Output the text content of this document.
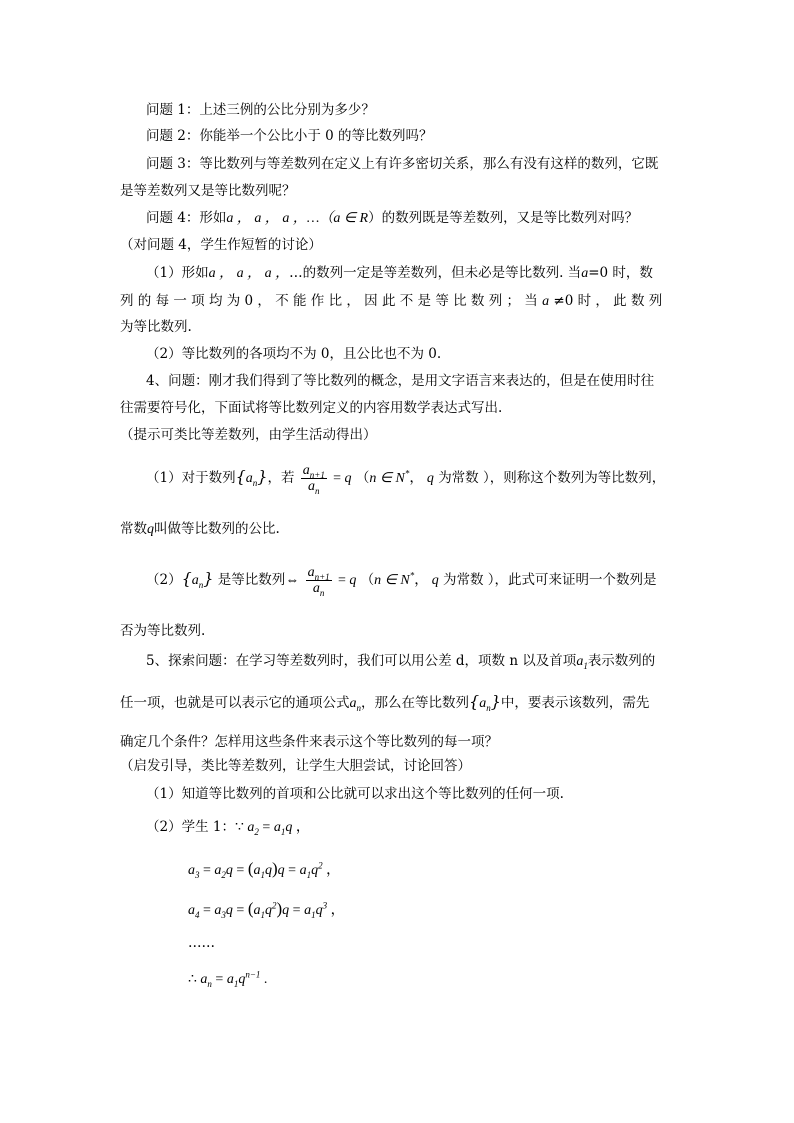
问题 1：上述三例的公比分别为多少？
问题 2：你能举一个公比小于 0 的等比数列吗？
问题 3：等比数列与等差数列在定义上有许多密切关系，那么有没有这样的数列，它既
是等差数列又是等比数列呢？
问题 4：形如a ， a ， a ，…（a ∈ R）的数列既是等差数列，又是等比数列对吗？
（对问题 4，学生作短暂的讨论）
（1）形如a ， a ， a ，…的数列一定是等差数列，但未必是等比数列. 当a=0 时，数
列 的 每 一 项 均 为 0 ， 不 能 作 比 ， 因 此 不 是 等 比 数 列 ； 当 a ≠0 时 ， 此 数 列
为等比数列.
（2）等比数列的各项均不为 0，且公比也不为 0.
4、问题：刚才我们得到了等比数列的概念，是用文字语言来表达的，但是在使用时往
往需要符号化，下面试将等比数列定义的内容用数学表达式写出.
（提示可类比等差数列，由学生活动得出）
（1）对于数列$\{a_n\}$，若 $\frac{a_{n+1}}{a_n} = q$ （n ∈ N*， q 为常数 ），则称这个数列为等比数列，
常数q叫做等比数列的公比.
$(2)\{a_n\}$ 是等比数列⇔ $\frac{a_{n+1}}{a_n} = q$ （n ∈ N*， q 为常数 ），此式可来证明一个数列是
否为等比数列.
5、探索问题：在学习等差数列时，我们可以用公差 d，项数 n 以及首项$a_1$表示数列的
任一项，也就是可以表示它的通项公式$a_n$，那么在等比数列$\{a_n\}$中，要表示该数列，需先
确定几个条件？怎样用这些条件来表示这个等比数列的每一项？
（启发引导，类比等差数列，让学生大胆尝试，讨论回答）
（1）知道等比数列的首项和公比就可以求出这个等比数列的任何一项.
（2）学生 1：∵ $a_2 = a_1q$ ，
$a_3 = a_2q = (a_1q)q = a_1q^2$ ，
$a_4 = a_3q = (a_1q^2)q = a_1q^3$ ，
……
∴ $a_n = a_1q^{n-1}$ .
